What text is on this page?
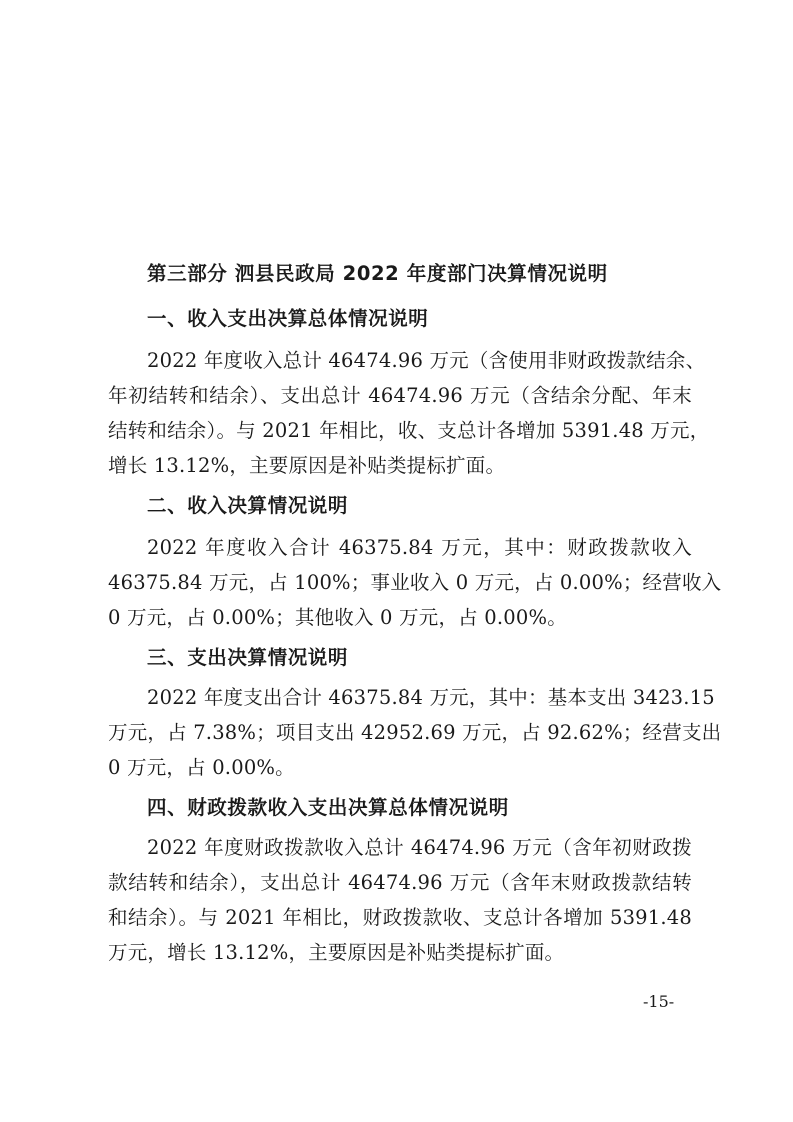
第三部分 泗县民政局 2022 年度部门决算情况说明
一、收入支出决算总体情况说明
2022 年度收入总计 46474.96 万元（含使用非财政拨款结余、
年初结转和结余）、支出总计 46474.96 万元（含结余分配、年末
结转和结余）。与 2021 年相比，收、支总计各增加 5391.48 万元，
增长 13.12%，主要原因是补贴类提标扩面。
二、收入决算情况说明
2022 年度收入合计 46375.84 万元，其中：财政拨款收入
46375.84 万元，占 100%；事业收入 0 万元，占 0.00%；经营收入
0 万元，占 0.00%；其他收入 0 万元，占 0.00%。
三、支出决算情况说明
2022 年度支出合计 46375.84 万元，其中：基本支出 3423.15
万元，占 7.38%；项目支出 42952.69 万元，占 92.62%；经营支出
0 万元，占 0.00%。
四、财政拨款收入支出决算总体情况说明
2022 年度财政拨款收入总计 46474.96 万元（含年初财政拨
款结转和结余），支出总计 46474.96 万元（含年末财政拨款结转
和结余）。与 2021 年相比，财政拨款收、支总计各增加 5391.48
万元，增长 13.12%，主要原因是补贴类提标扩面。
-15-
